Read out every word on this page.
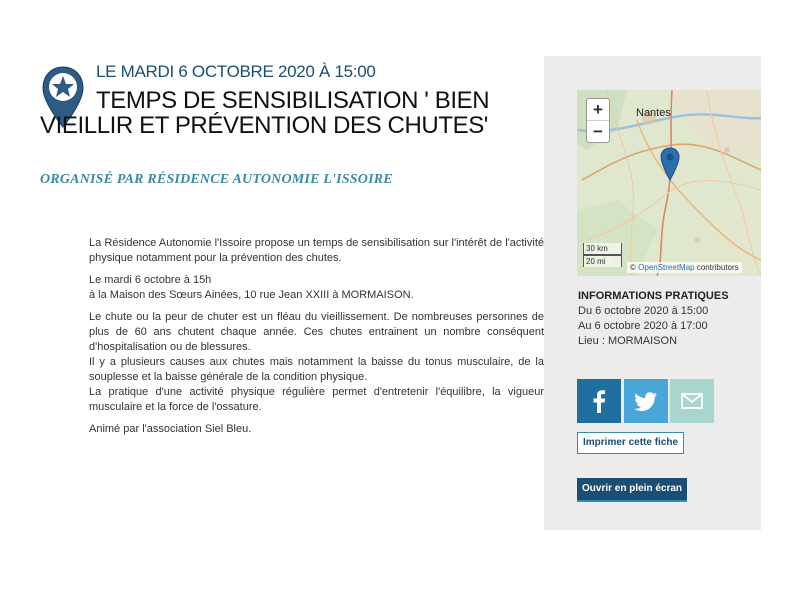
LE MARDI 6 OCTOBRE 2020 À 15:00
TEMPS DE SENSIBILISATION ' BIEN VIEILLIR ET PRÉVENTION DES CHUTES'
ORGANISÉ PAR RÉSIDENCE AUTONOMIE L'ISSOIRE

La Résidence Autonomie l'Issoire propose un temps de sensibilisation sur l'intérêt de l'activité physique notamment pour la prévention des chutes.

Le mardi 6 octobre à 15h
à la Maison des Sœurs Ainées, 10 rue Jean XXIII à MORMAISON.

Le chute ou la peur de chuter est un fléau du vieillissement. De nombreuses personnes de plus de 60 ans chutent chaque année. Ces chutes entrainent un nombre conséquent d'hospitalisation ou de blessures.

Il y a plusieurs causes aux chutes mais notamment la baisse du tonus musculaire, de la souplesse et la baisse générale de la condition physique.

La pratique d'une activité physique régulière permet d'entretenir l'équilibre, la vigueur musculaire et la force de l'ossature.

Animé par l'association Siel Bleu.

+
−
Nantes
30 km
20 mi
© OpenStreetMap contributors
INFORMATIONS PRATIQUES
Du 6 octobre 2020 à 15:00
Au 6 octobre 2020 à 17:00
Lieu : MORMAISON
Imprimer cette fiche
Ouvrir en plein écran
